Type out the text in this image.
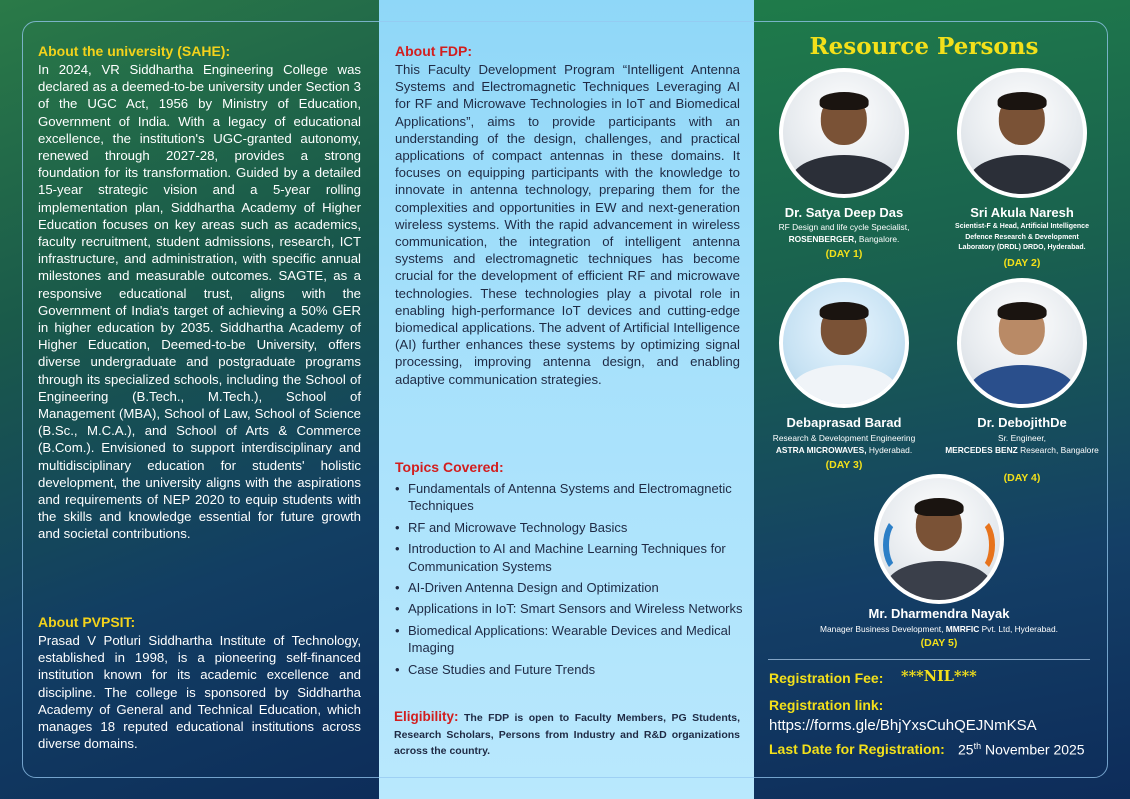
About the university (SAHE):
In 2024, VR Siddhartha Engineering College was declared as a deemed-to-be university under Section 3 of the UGC Act, 1956 by Ministry of Education, Government of India. With a legacy of educational excellence, the institution's UGC-granted autonomy, renewed through 2027-28, provides a strong foundation for its transformation. Guided by a detailed 15-year strategic vision and a 5-year rolling implementation plan, Siddhartha Academy of Higher Education focuses on key areas such as academics, faculty recruitment, student admissions, research, ICT infrastructure, and administration, with specific annual milestones and measurable outcomes. SAGTE, as a responsive educational trust, aligns with the Government of India's target of achieving a 50% GER in higher education by 2035. Siddhartha Academy of Higher Education, Deemed-to-be University, offers diverse undergraduate and postgraduate programs through its specialized schools, including the School of Engineering (B.Tech., M.Tech.), School of Management (MBA), School of Law, School of Science (B.Sc., M.C.A.), and School of Arts & Commerce (B.Com.). Envisioned to support interdisciplinary and multidisciplinary education for students' holistic development, the university aligns with the aspirations and requirements of NEP 2020 to equip students with the skills and knowledge essential for future growth and societal contributions.
About PVPSIT:
Prasad V Potluri Siddhartha Institute of Technology, established in 1998, is a pioneering self-financed institution known for its academic excellence and discipline. The college is sponsored by Siddhartha Academy of General and Technical Education, which manages 18 reputed educational institutions across diverse domains.
About FDP:
This Faculty Development Program “Intelligent Antenna Systems and Electromagnetic Techniques Leveraging AI for RF and Microwave Technologies in IoT and Biomedical Applications”, aims to provide participants with an understanding of the design, challenges, and practical applications of compact antennas in these domains. It focuses on equipping participants with the knowledge to innovate in antenna technology, preparing them for the complexities and opportunities in EW and next-generation wireless systems. With the rapid advancement in wireless communication, the integration of intelligent antenna systems and electromagnetic techniques has become crucial for the development of efficient RF and microwave technologies. These technologies play a pivotal role in enabling high-performance IoT devices and cutting-edge biomedical applications. The advent of Artificial Intelligence (AI) further enhances these systems by optimizing signal processing, improving antenna design, and enabling adaptive communication strategies.
Topics Covered:
• Fundamentals of Antenna Systems and Electromagnetic Techniques
• RF and Microwave Technology Basics
• Introduction to AI and Machine Learning Techniques for Communication Systems
• AI-Driven Antenna Design and Optimization
• Applications in IoT: Smart Sensors and Wireless Networks
• Biomedical Applications: Wearable Devices and Medical Imaging
• Case Studies and Future Trends
Eligibility: The FDP is open to Faculty Members, PG Students, Research Scholars, Persons from Industry and R&D organizations across the country.
Resource Persons
Dr. Satya Deep Das
RF Design and life cycle Specialist,
ROSENBERGER, Bangalore.
(DAY 1)
Sri Akula Naresh
Scientist-F & Head, Artificial Intelligence
Defence Research & Development
Laboratory (DRDL) DRDO, Hyderabad.
(DAY 2)
Debaprasad Barad
Research & Development Engineering
ASTRA MICROWAVES, Hyderabad.
(DAY 3)
Dr. DebojithDe
Sr. Engineer,
MERCEDES BENZ Research, Bangalore
(DAY 4)
Mr. Dharmendra Nayak
Manager Business Development, MMRFIC Pvt. Ltd, Hyderabad.
(DAY 5)
Registration Fee: ***NIL***
Registration link:
https://forms.gle/BhjYxsCuhQEJNmKSA
Last Date for Registration: 25th November 2025
